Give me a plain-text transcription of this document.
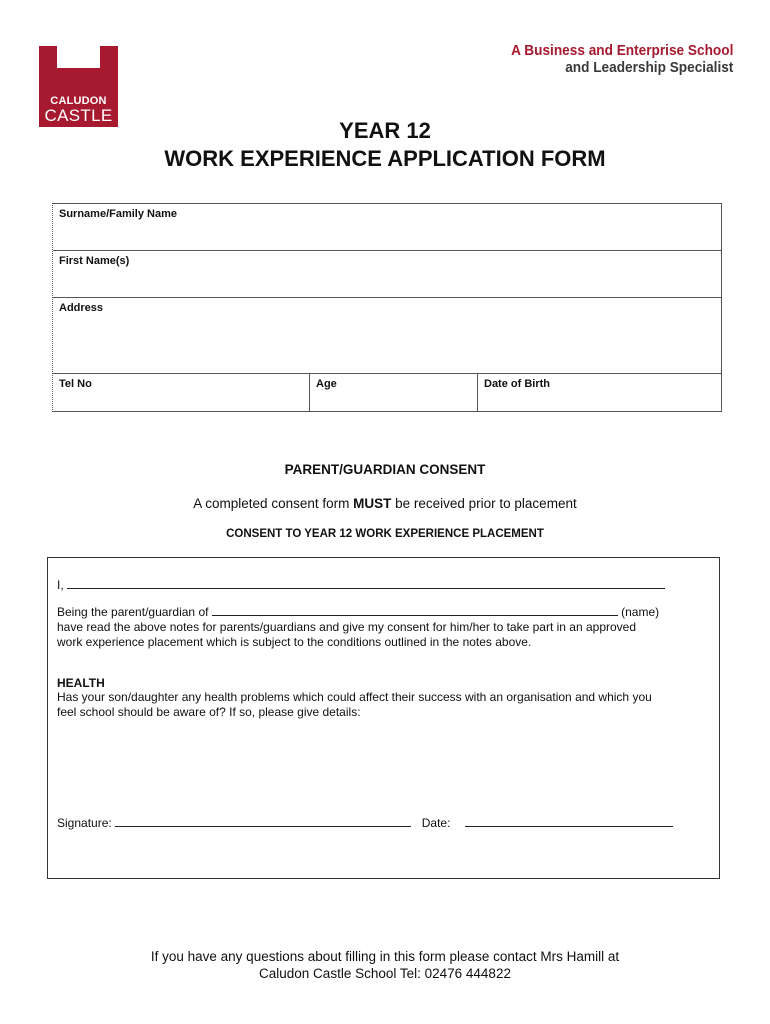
CALUDON
CASTLE
A Business and Enterprise School
and Leadership Specialist
YEAR 12
WORK EXPERIENCE APPLICATION FORM
Surname/Family Name
First Name(s)
Address
Tel No	Age	Date of Birth
PARENT/GUARDIAN CONSENT
A completed consent form MUST be received prior to placement
CONSENT TO YEAR 12 WORK EXPERIENCE PLACEMENT
I,
Being the parent/guardian of	(name)
have read the above notes for parents/guardians and give my consent for him/her to take part in an approved
work experience placement which is subject to the conditions outlined in the notes above.
HEALTH
Has your son/daughter any health problems which could affect their success with an organisation and which you
feel school should be aware of? If so, please give details:
Signature:	Date:
If you have any questions about filling in this form please contact Mrs Hamill at
Caludon Castle School Tel: 02476 444822
